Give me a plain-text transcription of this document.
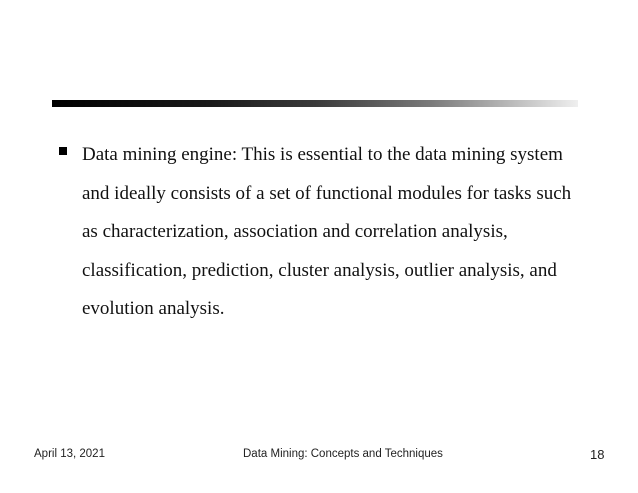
Data mining engine: This is essential to the data mining system and ideally consists of a set of functional modules for tasks such as characterization, association and correlation analysis, classification, prediction, cluster analysis, outlier analysis, and evolution analysis.

April 13, 2021	Data Mining: Concepts and Techniques	18
